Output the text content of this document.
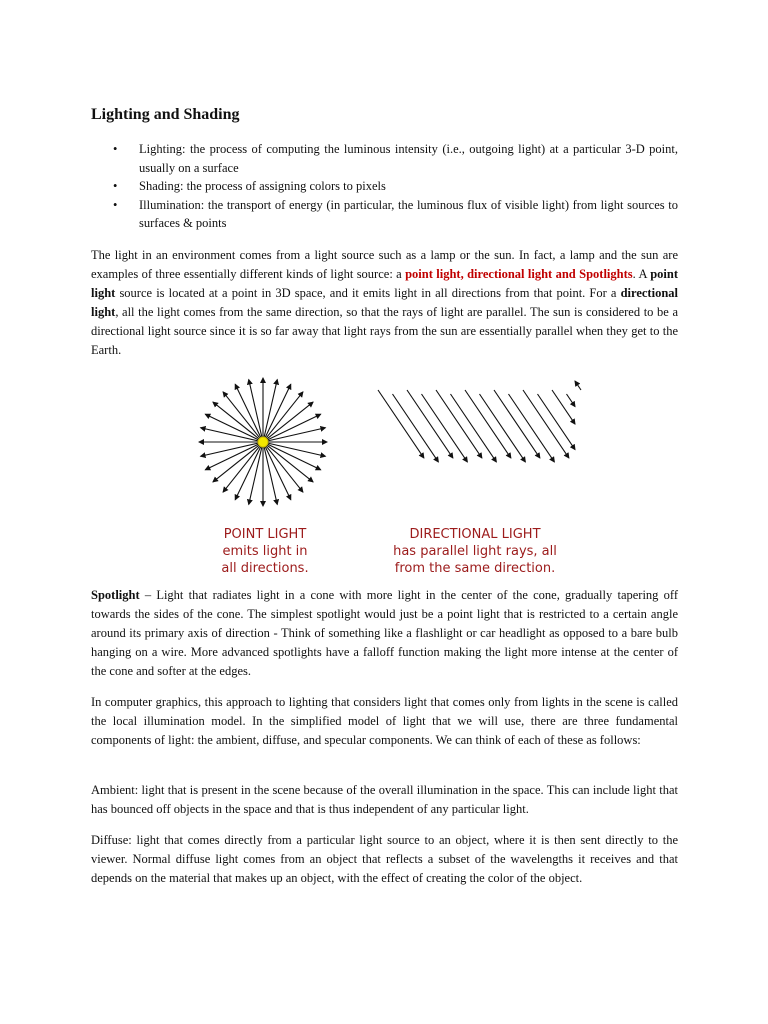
Lighting and Shading
• Lighting: the process of computing the luminous intensity (i.e., outgoing light) at a particular 3-D point, usually on a surface
• Shading: the process of assigning colors to pixels
• Illumination: the transport of energy (in particular, the luminous flux of visible light) from light sources to surfaces & points

The light in an environment comes from a light source such as a lamp or the sun. In fact, a lamp and the sun are examples of three essentially different kinds of light source: a point light, directional light and Spotlights. A point light source is located at a point in 3D space, and it emits light in all directions from that point. For a directional light, all the light comes from the same direction, so that the rays of light are parallel. The sun is considered to be a directional light source since it is so far away that light rays from the sun are essentially parallel when they get to the Earth.

POINT LIGHT
emits light in
all directions.

DIRECTIONAL LIGHT
has parallel light rays, all
from the same direction.

Spotlight – Light that radiates light in a cone with more light in the center of the cone, gradually tapering off towards the sides of the cone. The simplest spotlight would just be a point light that is restricted to a certain angle around its primary axis of direction - Think of something like a flashlight or car headlight as opposed to a bare bulb hanging on a wire. More advanced spotlights have a falloff function making the light more intense at the center of the cone and softer at the edges.

In computer graphics, this approach to lighting that considers light that comes only from lights in the scene is called the local illumination model. In the simplified model of light that we will use, there are three fundamental components of light: the ambient, diffuse, and specular components. We can think of each of these as follows:

Ambient: light that is present in the scene because of the overall illumination in the space. This can include light that has bounced off objects in the space and that is thus independent of any particular light.

Diffuse: light that comes directly from a particular light source to an object, where it is then sent directly to the viewer. Normal diffuse light comes from an object that reflects a subset of the wavelengths it receives and that depends on the material that makes up an object, with the effect of creating the color of the object.
